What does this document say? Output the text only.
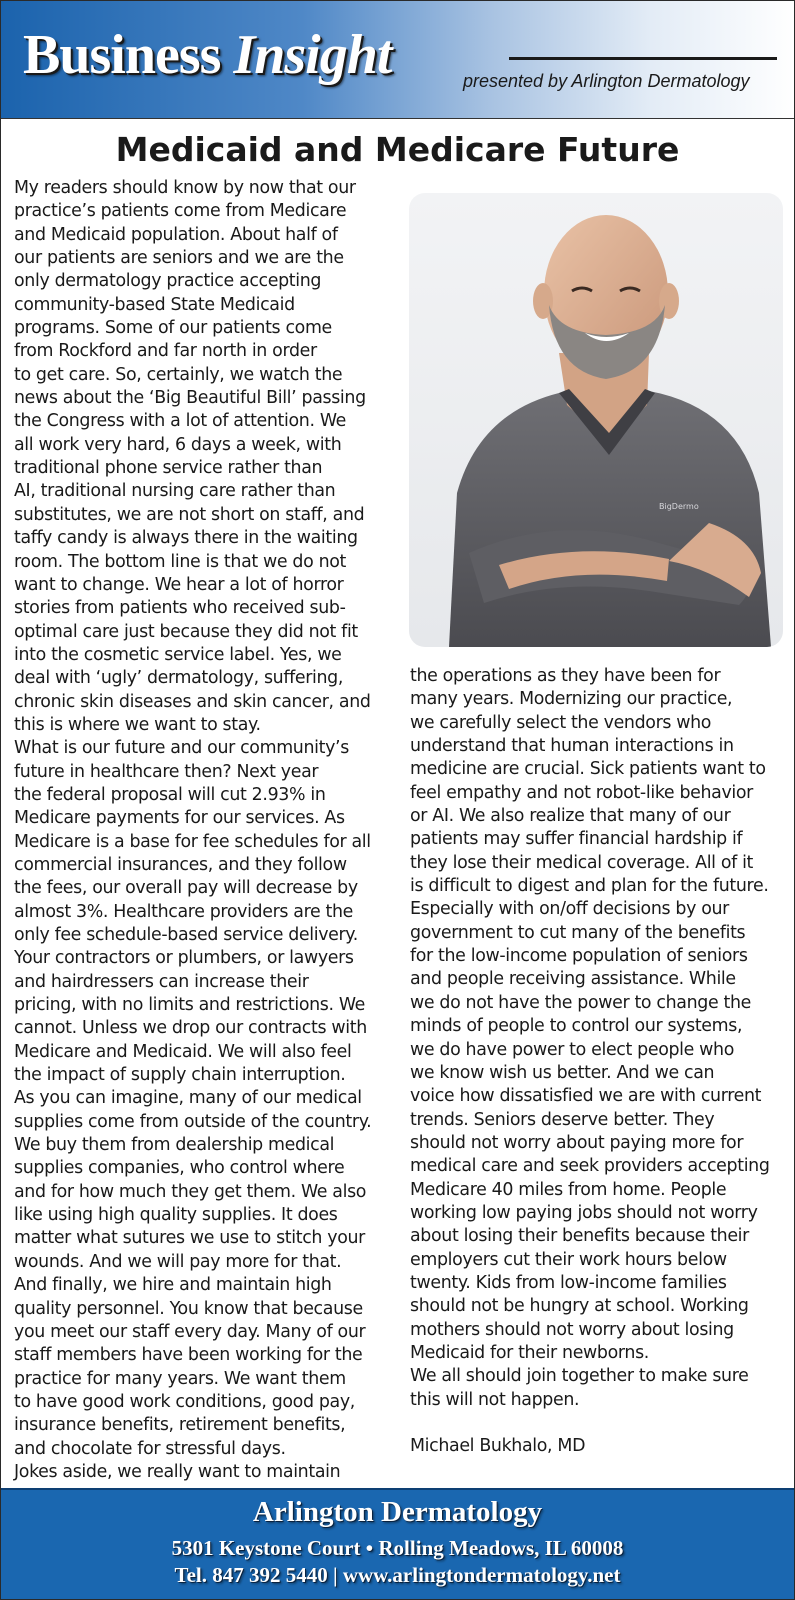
Business Insight	presented by Arlington Dermatology
Medicaid and Medicare Future
My readers should know by now that our
practice’s patients come from Medicare
and Medicaid population. About half of
our patients are seniors and we are the
only dermatology practice accepting
community-based State Medicaid
programs. Some of our patients come
from Rockford and far north in order
to get care. So, certainly, we watch the
news about the ‘Big Beautiful Bill’ passing
the Congress with a lot of attention. We
all work very hard, 6 days a week, with
traditional phone service rather than
AI, traditional nursing care rather than
substitutes, we are not short on staff, and
taffy candy is always there in the waiting
room. The bottom line is that we do not
want to change. We hear a lot of horror
stories from patients who received sub-
optimal care just because they did not fit
into the cosmetic service label. Yes, we
deal with ‘ugly’ dermatology, suffering,
chronic skin diseases and skin cancer, and
this is where we want to stay.
What is our future and our community’s
future in healthcare then? Next year
the federal proposal will cut 2.93% in
Medicare payments for our services. As
Medicare is a base for fee schedules for all
commercial insurances, and they follow
the fees, our overall pay will decrease by
almost 3%. Healthcare providers are the
only fee schedule-based service delivery.
Your contractors or plumbers, or lawyers
and hairdressers can increase their
pricing, with no limits and restrictions. We
cannot. Unless we drop our contracts with
Medicare and Medicaid. We will also feel
the impact of supply chain interruption.
As you can imagine, many of our medical
supplies come from outside of the country.
We buy them from dealership medical
supplies companies, who control where
and for how much they get them. We also
like using high quality supplies. It does
matter what sutures we use to stitch your
wounds. And we will pay more for that.
And finally, we hire and maintain high
quality personnel. You know that because
you meet our staff every day. Many of our
staff members have been working for the
practice for many years. We want them
to have good work conditions, good pay,
insurance benefits, retirement benefits,
and chocolate for stressful days.
Jokes aside, we really want to maintain
BigDermo
the operations as they have been for
many years. Modernizing our practice,
we carefully select the vendors who
understand that human interactions in
medicine are crucial. Sick patients want to
feel empathy and not robot-like behavior
or AI. We also realize that many of our
patients may suffer financial hardship if
they lose their medical coverage. All of it
is difficult to digest and plan for the future.
Especially with on/off decisions by our
government to cut many of the benefits
for the low-income population of seniors
and people receiving assistance. While
we do not have the power to change the
minds of people to control our systems,
we do have power to elect people who
we know wish us better. And we can
voice how dissatisfied we are with current
trends. Seniors deserve better. They
should not worry about paying more for
medical care and seek providers accepting
Medicare 40 miles from home. People
working low paying jobs should not worry
about losing their benefits because their
employers cut their work hours below
twenty. Kids from low-income families
should not be hungry at school. Working
mothers should not worry about losing
Medicaid for their newborns.
We all should join together to make sure
this will not happen.
Michael Bukhalo, MD
Arlington Dermatology
5301 Keystone Court • Rolling Meadows, IL 60008
Tel. 847 392 5440 | www.arlingtondermatology.net
